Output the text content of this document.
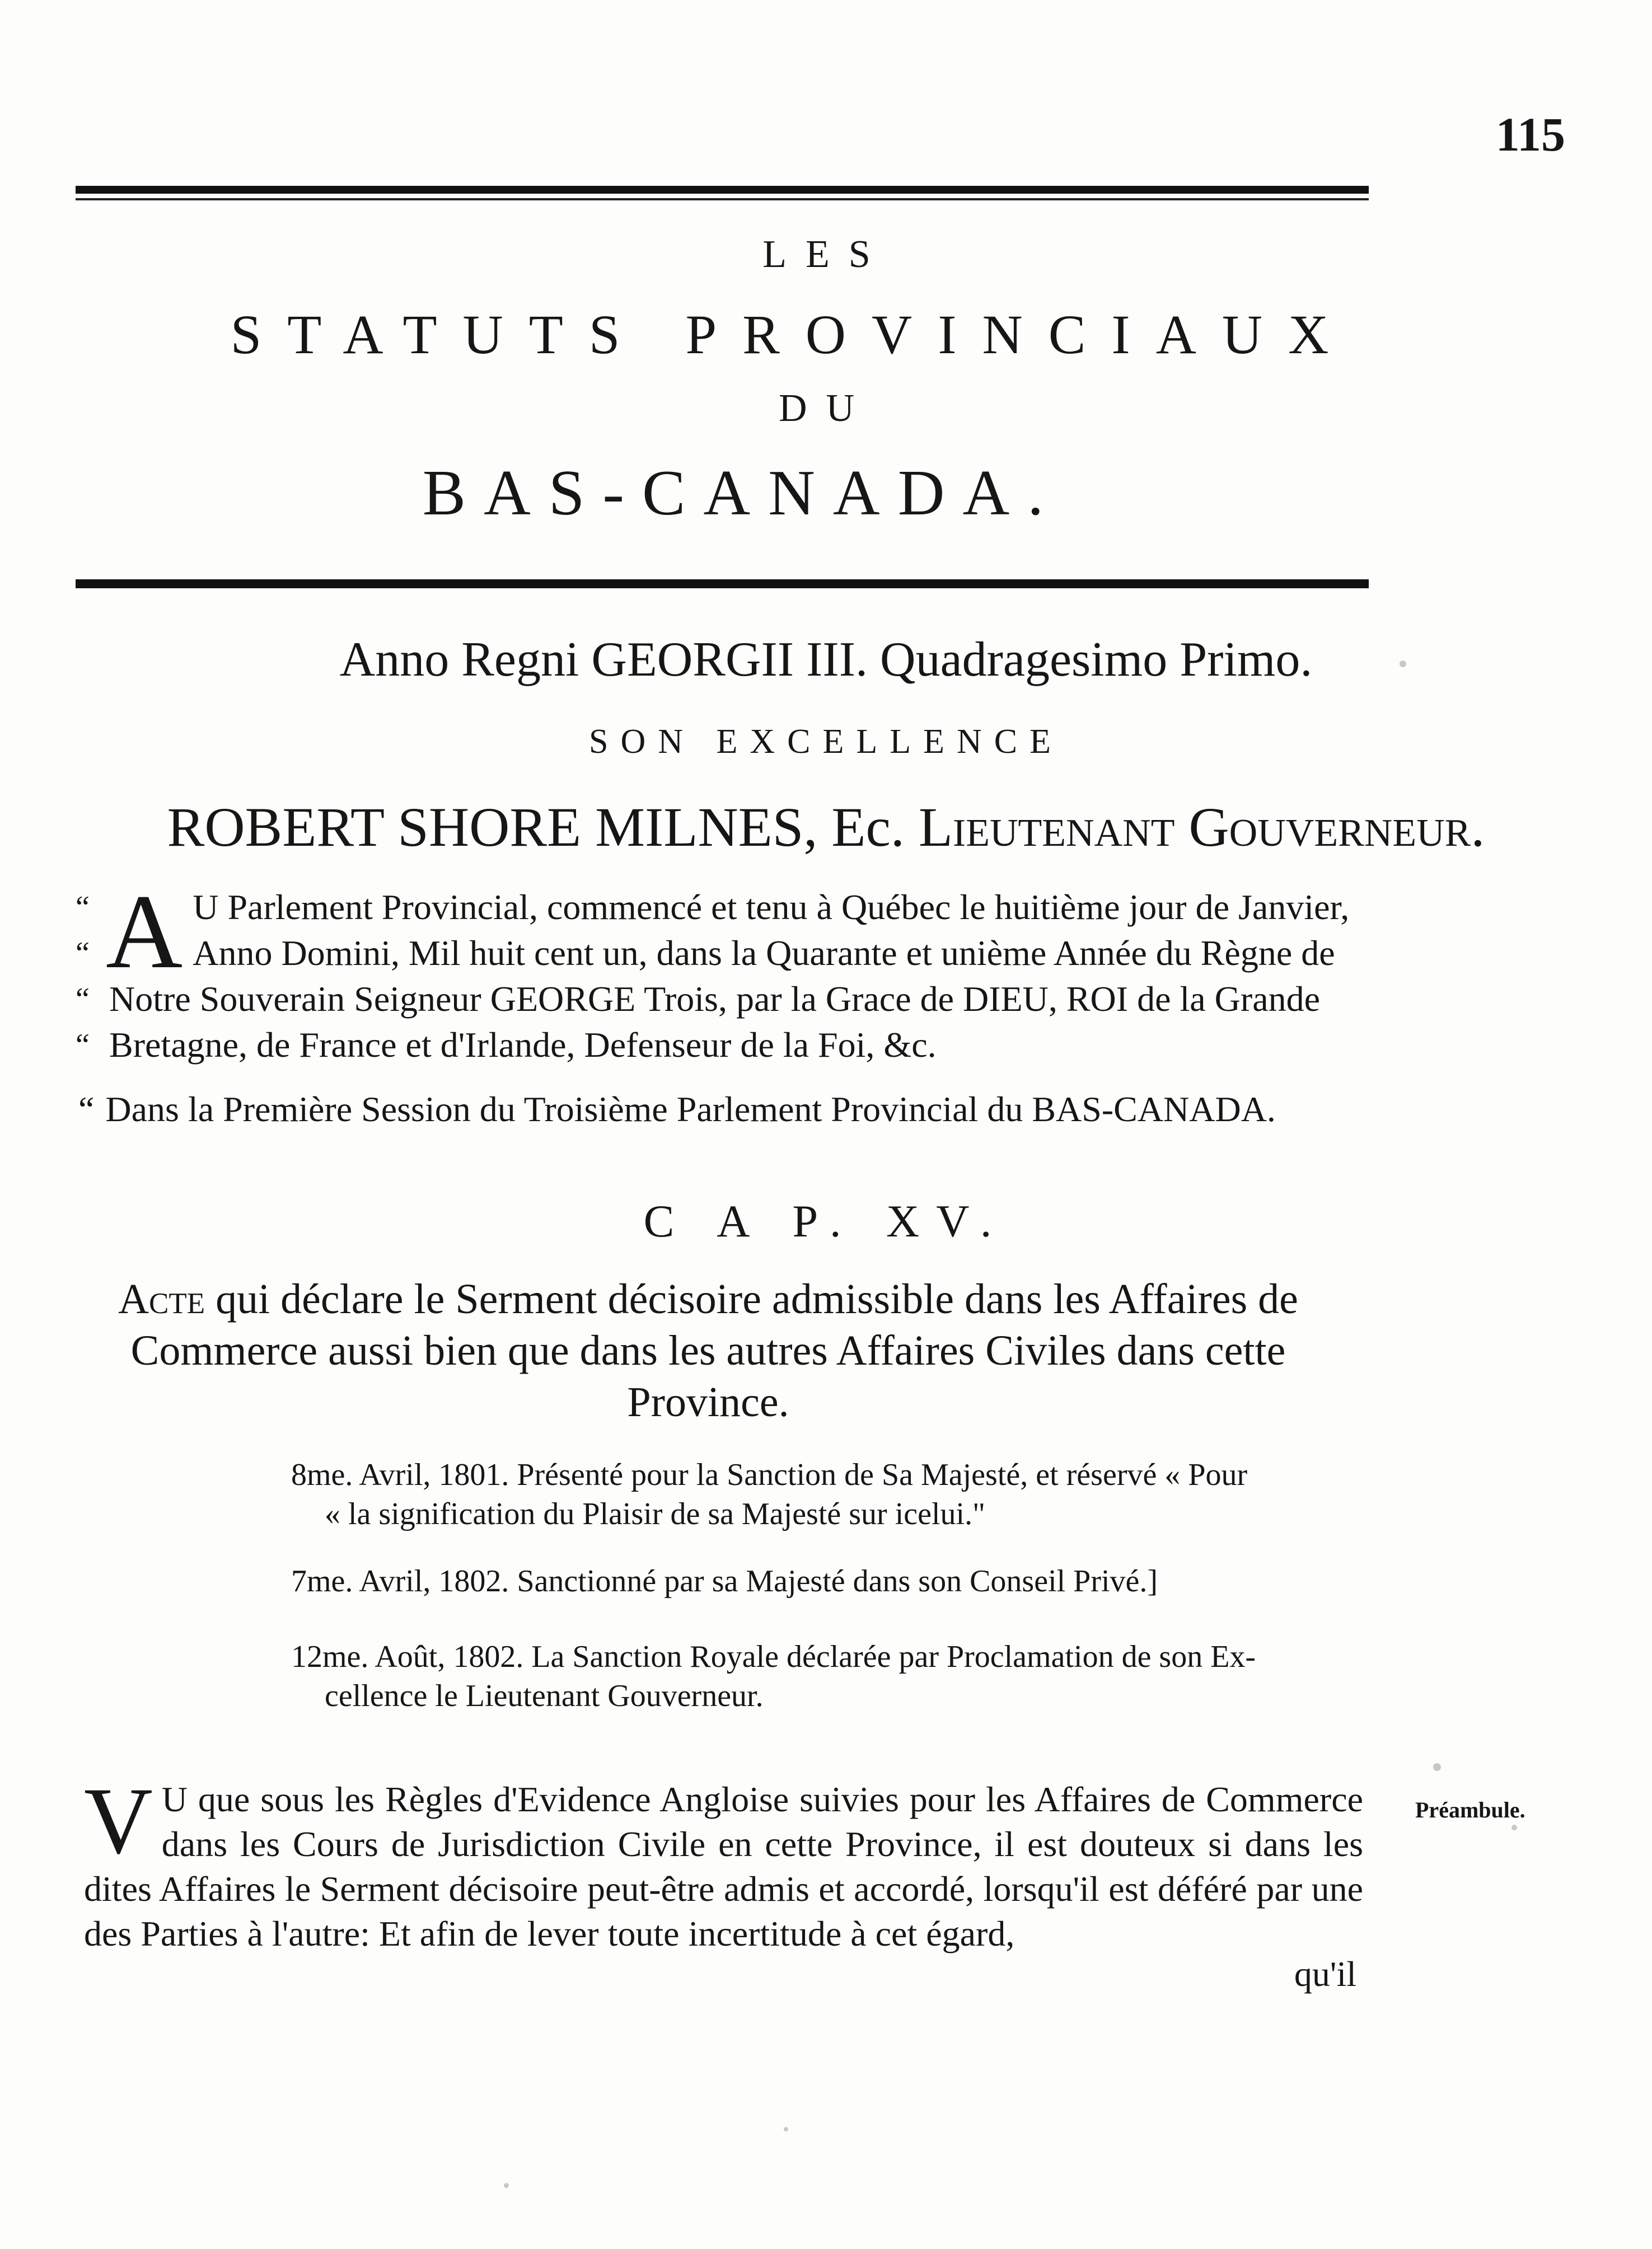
115
LES
STATUTS PROVINCIAUX
DU
BAS-CANADA.
Anno Regni GEORGII III. Quadragesimo Primo.
SON EXCELLENCE
ROBERT SHORE MILNES, Ec. Lieutenant Gouverneur.
“
“
“
“
A U Parlement Provincial, commencé et tenu à Québec le huitième jour de Janvier, Anno Domini, Mil huit cent un, dans la Quarante et unième Année du Règne de Notre Souverain Seigneur GEORGE Trois, par la Grace de DIEU, ROI de la Grande Bretagne, de France et d'Irlande, Defenseur de la Foi, &c.
“ Dans la Première Session du Troisième Parlement Provincial du BAS-CANADA.
C A P. XV.
Acte qui déclare le Serment décisoire admissible dans les Affaires de Commerce aussi bien que dans les autres Affaires Civiles dans cette Province.
8me. Avril, 1801. Présenté pour la Sanction de Sa Majesté, et réservé « Pour
« la signification du Plaisir de sa Majesté sur icelui."
7me. Avril, 1802. Sanctionné par sa Majesté dans son Conseil Privé.]
12me. Août, 1802. La Sanction Royale déclarée par Proclamation de son Ex-
cellence le Lieutenant Gouverneur.
Préambule.
V U que sous les Règles d'Evidence Angloise suivies pour les Affaires de Commerce dans les Cours de Jurisdiction Civile en cette Province, il est douteux si dans les dites Affaires le Serment décisoire peut-être admis et accordé, lorsqu'il est déféré par une des Parties à l'autre: Et afin de lever toute incertitude à cet égard,
qu'il
